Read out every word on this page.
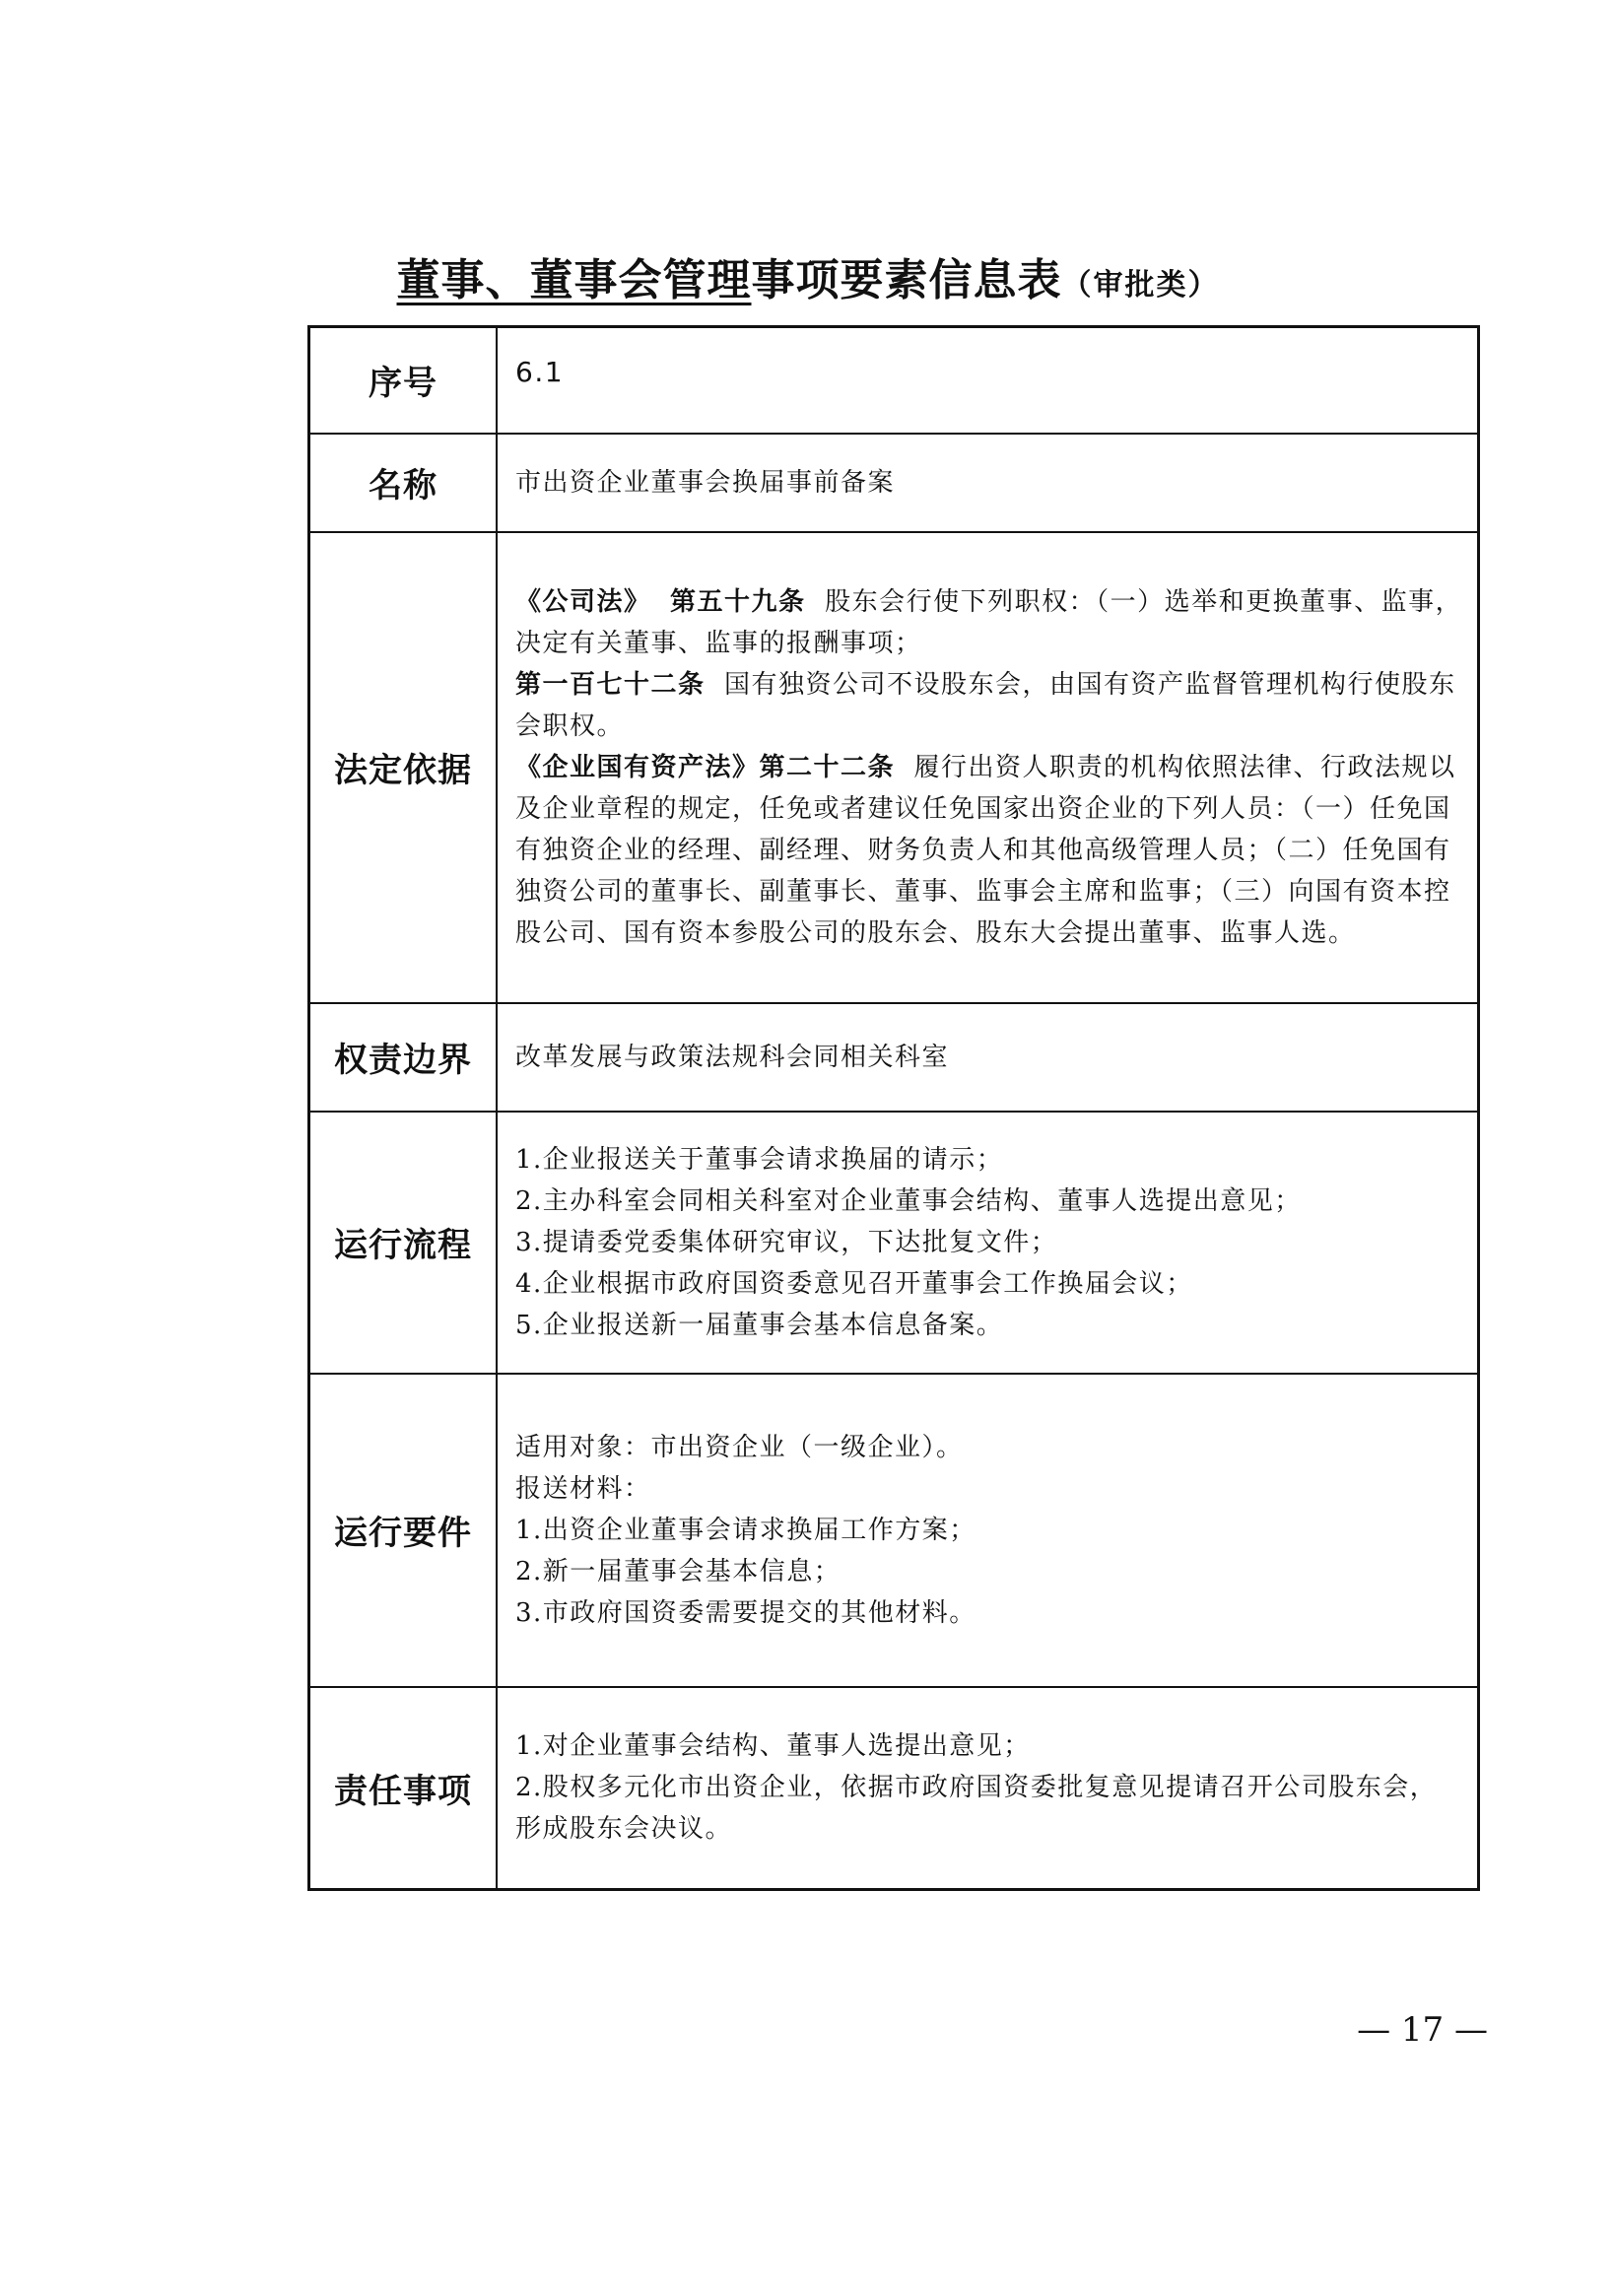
董事、董事会管理事项要素信息表（审批类）
序号	6.1
名称	市出资企业董事会换届事前备案
法定依据	《公司法》 第五十九条 股东会行使下列职权：（一）选举和更换董事、监事，决定有关董事、监事的报酬事项；

第一百七十二条 国有独资公司不设股东会，由国有资产监督管理机构行使股东会职权。

《企业国有资产法》第二十二条 履行出资人职责的机构依照法律、行政法规以及企业章程的规定，任免或者建议任免国家出资企业的下列人员：（一）任免国有独资企业的经理、副经理、财务负责人和其他高级管理人员；（二）任免国有独资公司的董事长、副董事长、董事、监事会主席和监事；（三）向国有资本控股公司、国有资本参股公司的股东会、股东大会提出董事、监事人选。

权责边界	改革发展与政策法规科会同相关科室
运行流程	1.企业报送关于董事会请求换届的请示；

2.主办科室会同相关科室对企业董事会结构、董事人选提出意见；

3.提请委党委集体研究审议，下达批复文件；

4.企业根据市政府国资委意见召开董事会工作换届会议；

5.企业报送新一届董事会基本信息备案。

运行要件	适用对象：市出资企业（一级企业）。

报送材料：

1.出资企业董事会请求换届工作方案；

2.新一届董事会基本信息；

3.市政府国资委需要提交的其他材料。

责任事项	1.对企业董事会结构、董事人选提出意见；

2.股权多元化市出资企业，依据市政府国资委批复意见提请召开公司股东会，形成股东会决议。

— 17 —
